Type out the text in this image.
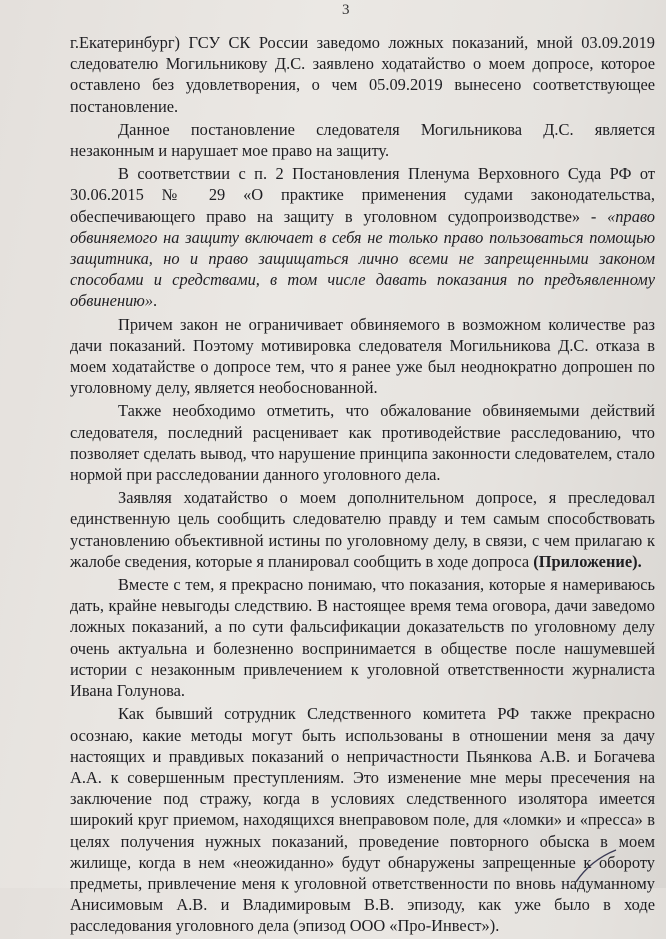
3

г.Екатеринбург) ГСУ СК России заведомо ложных показаний, мной 03.09.2019 следователю Могильникову Д.С. заявлено ходатайство о моем допросе, которое оставлено без удовлетворения, о чем 05.09.2019 вынесено соответствующее постановление.

Данное постановление следователя Могильникова Д.С. является незаконным и нарушает мое право на защиту.

В соответствии с п. 2 Постановления Пленума Верховного Суда РФ от 30.06.2015 № 29 «О практике применения судами законодательства, обеспечивающего право на защиту в уголовном судопроизводстве» - «право обвиняемого на защиту включает в себя не только право пользоваться помощью защитника, но и право защищаться лично всеми не запрещенными законом способами и средствами, в том числе давать показания по предъявленному обвинению».

Причем закон не ограничивает обвиняемого в возможном количестве раз дачи показаний. Поэтому мотивировка следователя Могильникова Д.С. отказа в моем ходатайстве о допросе тем, что я ранее уже был неоднократно допрошен по уголовному делу, является необоснованной.

Также необходимо отметить, что обжалование обвиняемыми действий следователя, последний расценивает как противодействие расследованию, что позволяет сделать вывод, что нарушение принципа законности следователем, стало нормой при расследовании данного уголовного дела.

Заявляя ходатайство о моем дополнительном допросе, я преследовал единственную цель сообщить следователю правду и тем самым способствовать установлению объективной истины по уголовному делу, в связи, с чем прилагаю к жалобе сведения, которые я планировал сообщить в ходе допроса (Приложение).

Вместе с тем, я прекрасно понимаю, что показания, которые я намериваюсь дать, крайне невыгоды следствию. В настоящее время тема оговора, дачи заведомо ложных показаний, а по сути фальсификации доказательств по уголовному делу очень актуальна и болезненно воспринимается в обществе после нашумевшей истории с незаконным привлечением к уголовной ответственности журналиста Ивана Голунова.

Как бывший сотрудник Следственного комитета РФ также прекрасно осознаю, какие методы могут быть использованы в отношении меня за дачу настоящих и правдивых показаний о непричастности Пьянкова А.В. и Богачева А.А. к совершенным преступлениям. Это изменение мне меры пресечения на заключение под стражу, когда в условиях следственного изолятора имеется широкий круг приемом, находящихся внеправовом поле, для «ломки» и «пресса» в целях получения нужных показаний, проведение повторного обыска в моем жилище, когда в нем «неожиданно» будут обнаружены запрещенные к обороту предметы, привлечение меня к уголовной ответственности по вновь надуманному Анисимовым А.В. и Владимировым В.В. эпизоду, как уже было в ходе расследования уголовного дела (эпизод ООО «Про-Инвест»).
